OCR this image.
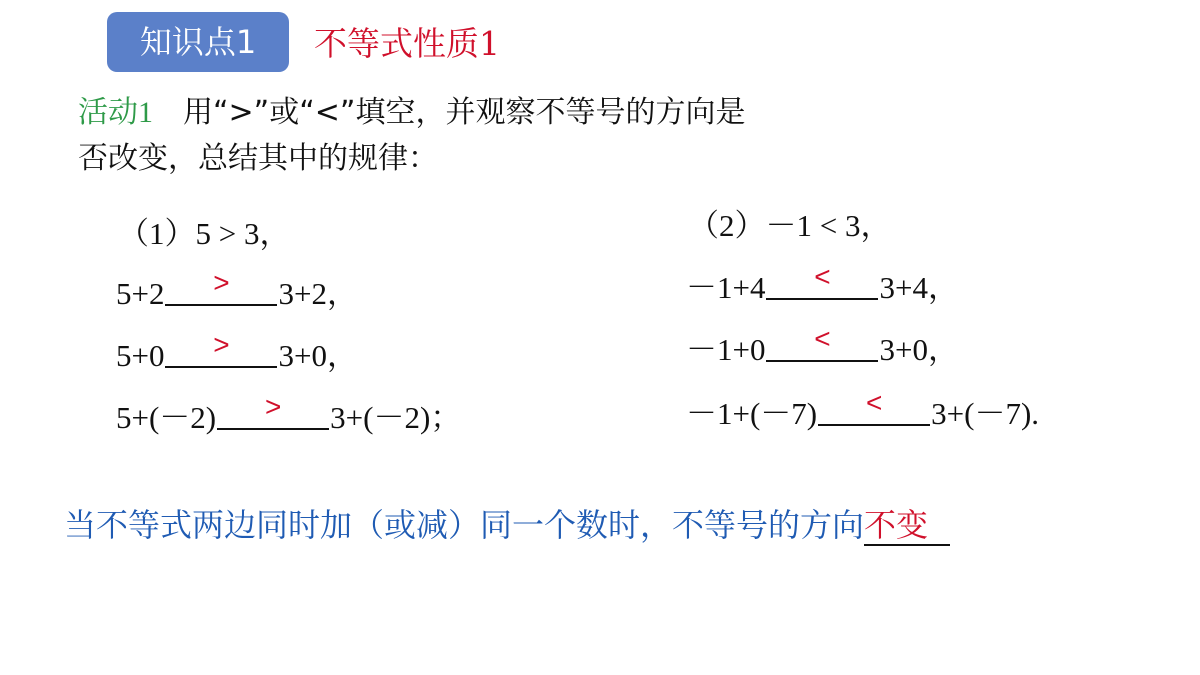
知识点1	不等式性质1
活动1 用“>”或“<”填空，并观察不等号的方向是
否改变，总结其中的规律：
（1）5 > 3，
5+2	>	3+2，
5+0	>	3+0，
5+(－2)	>	3+(－2)；
（2）－1 < 3，
－1+4	<	3+4，
－1+0	<	3+0，
－1+(－7)	<	3+(－7).
当不等式两边同时加（或减）同一个数时，不等号的方向不变
